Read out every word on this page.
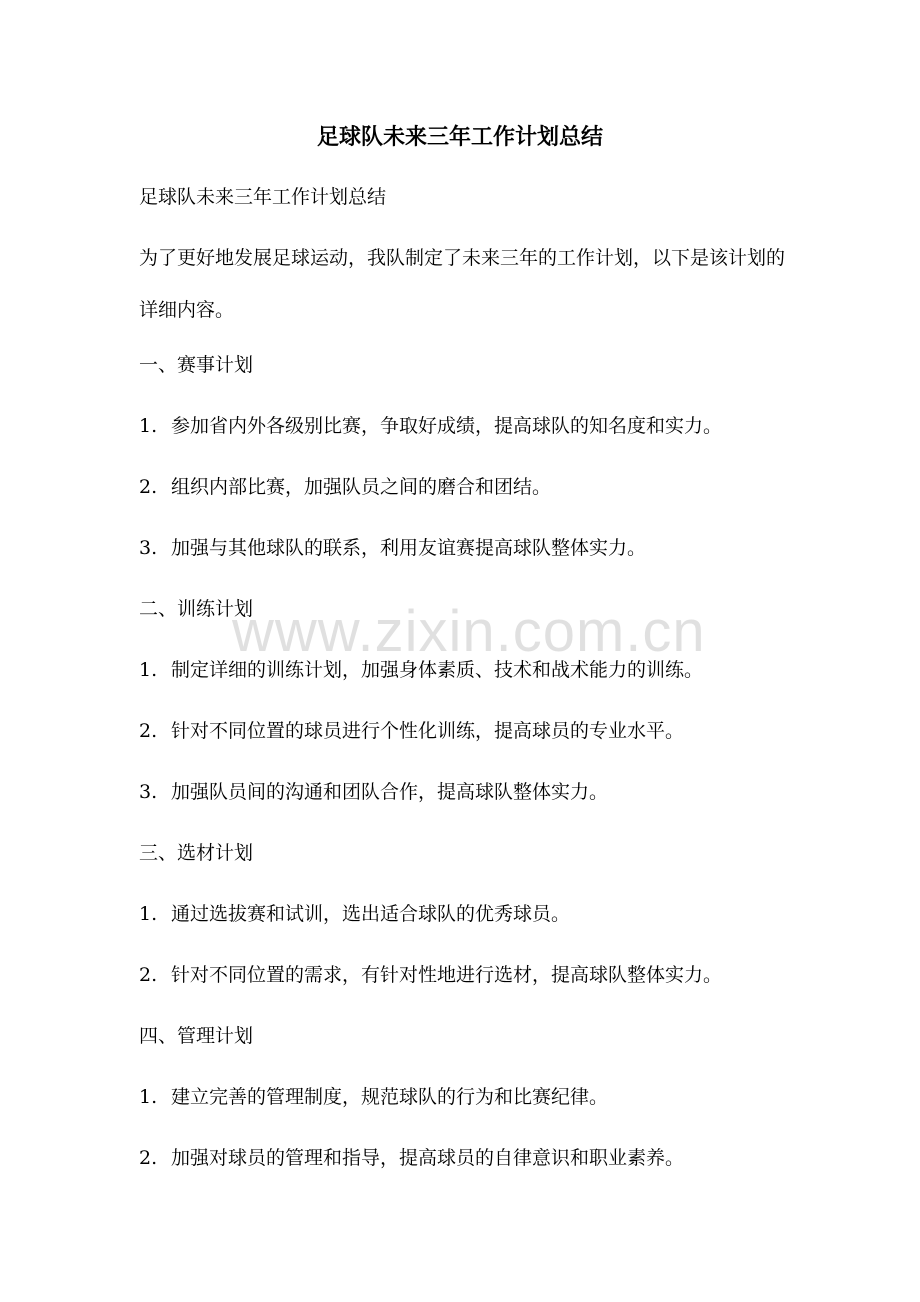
足球队未来三年工作计划总结

足球队未来三年工作计划总结

为了更好地发展足球运动，我队制定了未来三年的工作计划，以下是该计划的详细内容。

一、赛事计划

1. 参加省内外各级别比赛，争取好成绩，提高球队的知名度和实力。

2. 组织内部比赛，加强队员之间的磨合和团结。

3. 加强与其他球队的联系，利用友谊赛提高球队整体实力。

二、训练计划

1. 制定详细的训练计划，加强身体素质、技术和战术能力的训练。

2. 针对不同位置的球员进行个性化训练，提高球员的专业水平。

3. 加强队员间的沟通和团队合作，提高球队整体实力。

三、选材计划

1. 通过选拔赛和试训，选出适合球队的优秀球员。

2. 针对不同位置的需求，有针对性地进行选材，提高球队整体实力。

四、管理计划

1. 建立完善的管理制度，规范球队的行为和比赛纪律。

2. 加强对球员的管理和指导，提高球员的自律意识和职业素养。

www.zixin.com.cn
